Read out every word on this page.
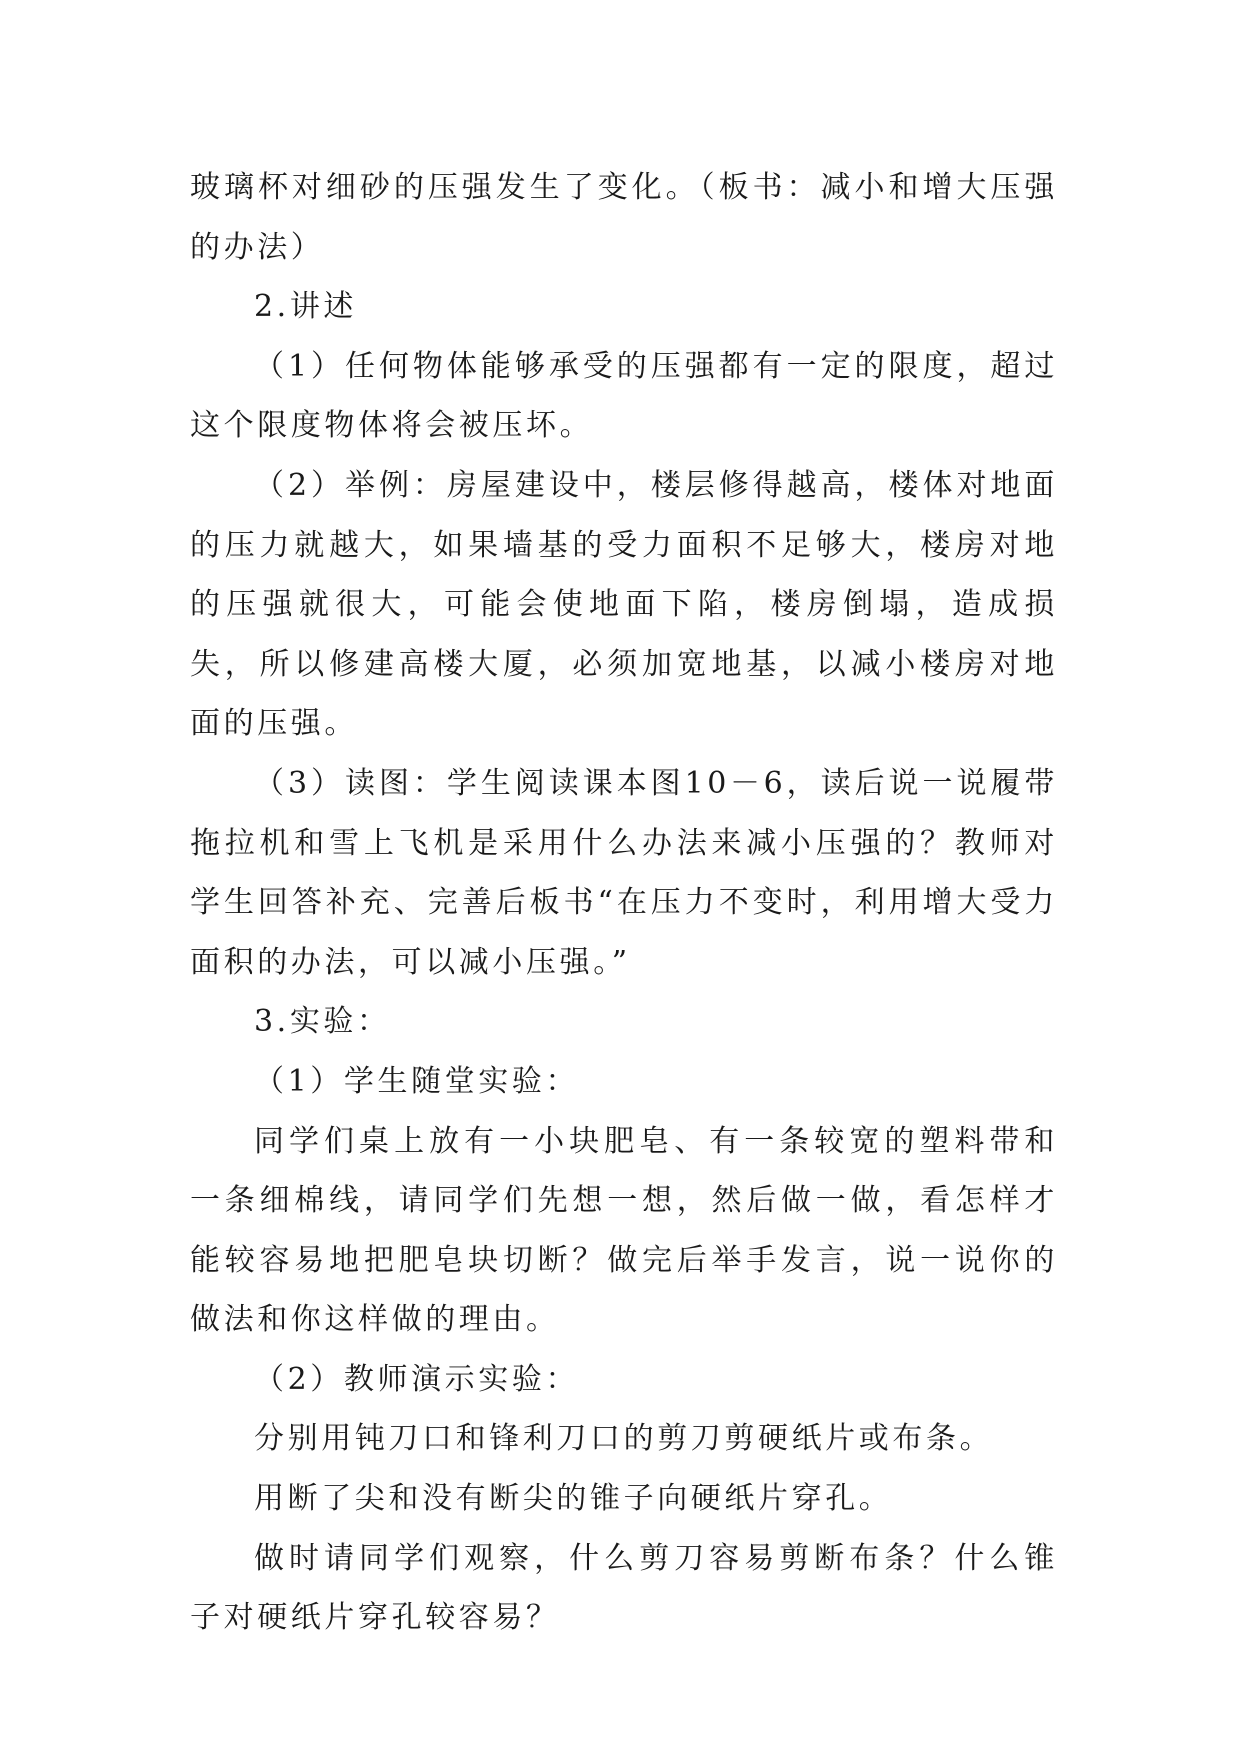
玻璃杯对细砂的压强发生了变化。（板书：减小和增大压强的办法）

2.讲述

（1）任何物体能够承受的压强都有一定的限度，超过这个限度物体将会被压坏。

（2）举例：房屋建设中，楼层修得越高，楼体对地面的压力就越大，如果墙基的受力面积不足够大，楼房对地的压强就很大，可能会使地面下陷，楼房倒塌，造成损失，所以修建高楼大厦，必须加宽地基，以减小楼房对地面的压强。

（3）读图：学生阅读课本图10－6，读后说一说履带拖拉机和雪上飞机是采用什么办法来减小压强的？教师对学生回答补充、完善后板书“在压力不变时，利用增大受力面积的办法，可以减小压强。”

3.实验：

（1）学生随堂实验：

同学们桌上放有一小块肥皂、有一条较宽的塑料带和一条细棉线，请同学们先想一想，然后做一做，看怎样才能较容易地把肥皂块切断？做完后举手发言，说一说你的做法和你这样做的理由。

（2）教师演示实验：

分别用钝刀口和锋利刀口的剪刀剪硬纸片或布条。

用断了尖和没有断尖的锥子向硬纸片穿孔。

做时请同学们观察，什么剪刀容易剪断布条？什么锥子对硬纸片穿孔较容易？
